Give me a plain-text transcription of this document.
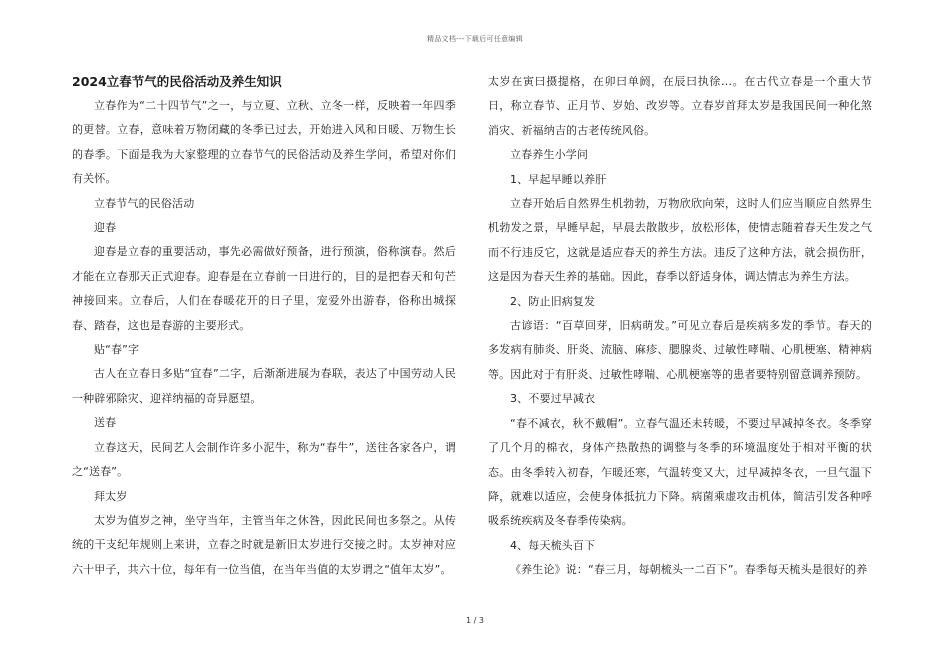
精品文档---下载后可任意编辑
2024立春节气的民俗活动及养生知识

立春作为“二十四节气”之一，与立夏、立秋、立冬一样，反映着一年四季的更替。立春，意味着万物闭藏的冬季已过去，开始进入风和日暖、万物生长的春季。下面是我为大家整理的立春节气的民俗活动及养生学问，希望对你们有关怀。

立春节气的民俗活动

迎春

迎春是立春的重要活动，事先必需做好预备，进行预演，俗称演春。然后才能在立春那天正式迎春。迎春是在立春前一日进行的，目的是把春天和句芒神接回来。立春后，人们在春暖花开的日子里，宠爱外出游春，俗称出城探春、踏春，这也是春游的主要形式。

贴“春”字

古人在立春日多贴“宜春”二字，后渐渐进展为春联，表达了中国劳动人民一种辟邪除灾、迎祥纳福的奇异愿望。

送春

立春这天，民间艺人会制作许多小泥牛，称为“春牛”，送往各家各户，谓之“送春”。

拜太岁

太岁为值岁之神，坐守当年，主管当年之休咎，因此民间也多祭之。从传统的干支纪年规则上来讲，立春之时就是新旧太岁进行交接之时。太岁神对应六十甲子，共六十位，每年有一位当值，在当年当值的太岁谓之“值年太岁”。

太岁在寅曰摄提格，在卯曰单阏，在辰曰执徐…。在古代立春是一个重大节日，称立春节、正月节、岁始、改岁等。立春岁首拜太岁是我国民间一种化煞消灾、祈福纳吉的古老传统风俗。

立春养生小学问

1、早起早睡以养肝

立春开始后自然界生机勃勃，万物欣欣向荣，这时人们应当顺应自然界生机勃发之景，早睡早起，早晨去散散步，放松形体，使情志随着春天生发之气而不行违反它，这就是适应春天的养生方法。违反了这种方法，就会损伤肝，这是因为春天生养的基础。因此，春季以舒适身体，调达情志为养生方法。

2、防止旧病复发

古谚语：“百草回芽，旧病萌发。”可见立春后是疾病多发的季节。春天的多发病有肺炎、肝炎、流脑、麻疹、腮腺炎、过敏性哮喘、心肌梗塞、精神病等。因此对于有肝炎、过敏性哮喘、心肌梗塞等的患者要特别留意调养预防。

3、不要过早减衣

“春不减衣，秋不戴帽”。立春气温还未转暖，不要过早减掉冬衣。冬季穿了几个月的棉衣，身体产热散热的调整与冬季的环境温度处于相对平衡的状态。由冬季转入初春，乍暖还寒，气温转变又大，过早减掉冬衣，一旦气温下降，就难以适应，会使身体抵抗力下降。病菌乘虚攻击机体，简洁引发各种呼吸系统疾病及冬春季传染病。

4、每天梳头百下

《养生论》说：“春三月，每朝梳头一二百下”。春季每天梳头是很好的养

1 / 3
